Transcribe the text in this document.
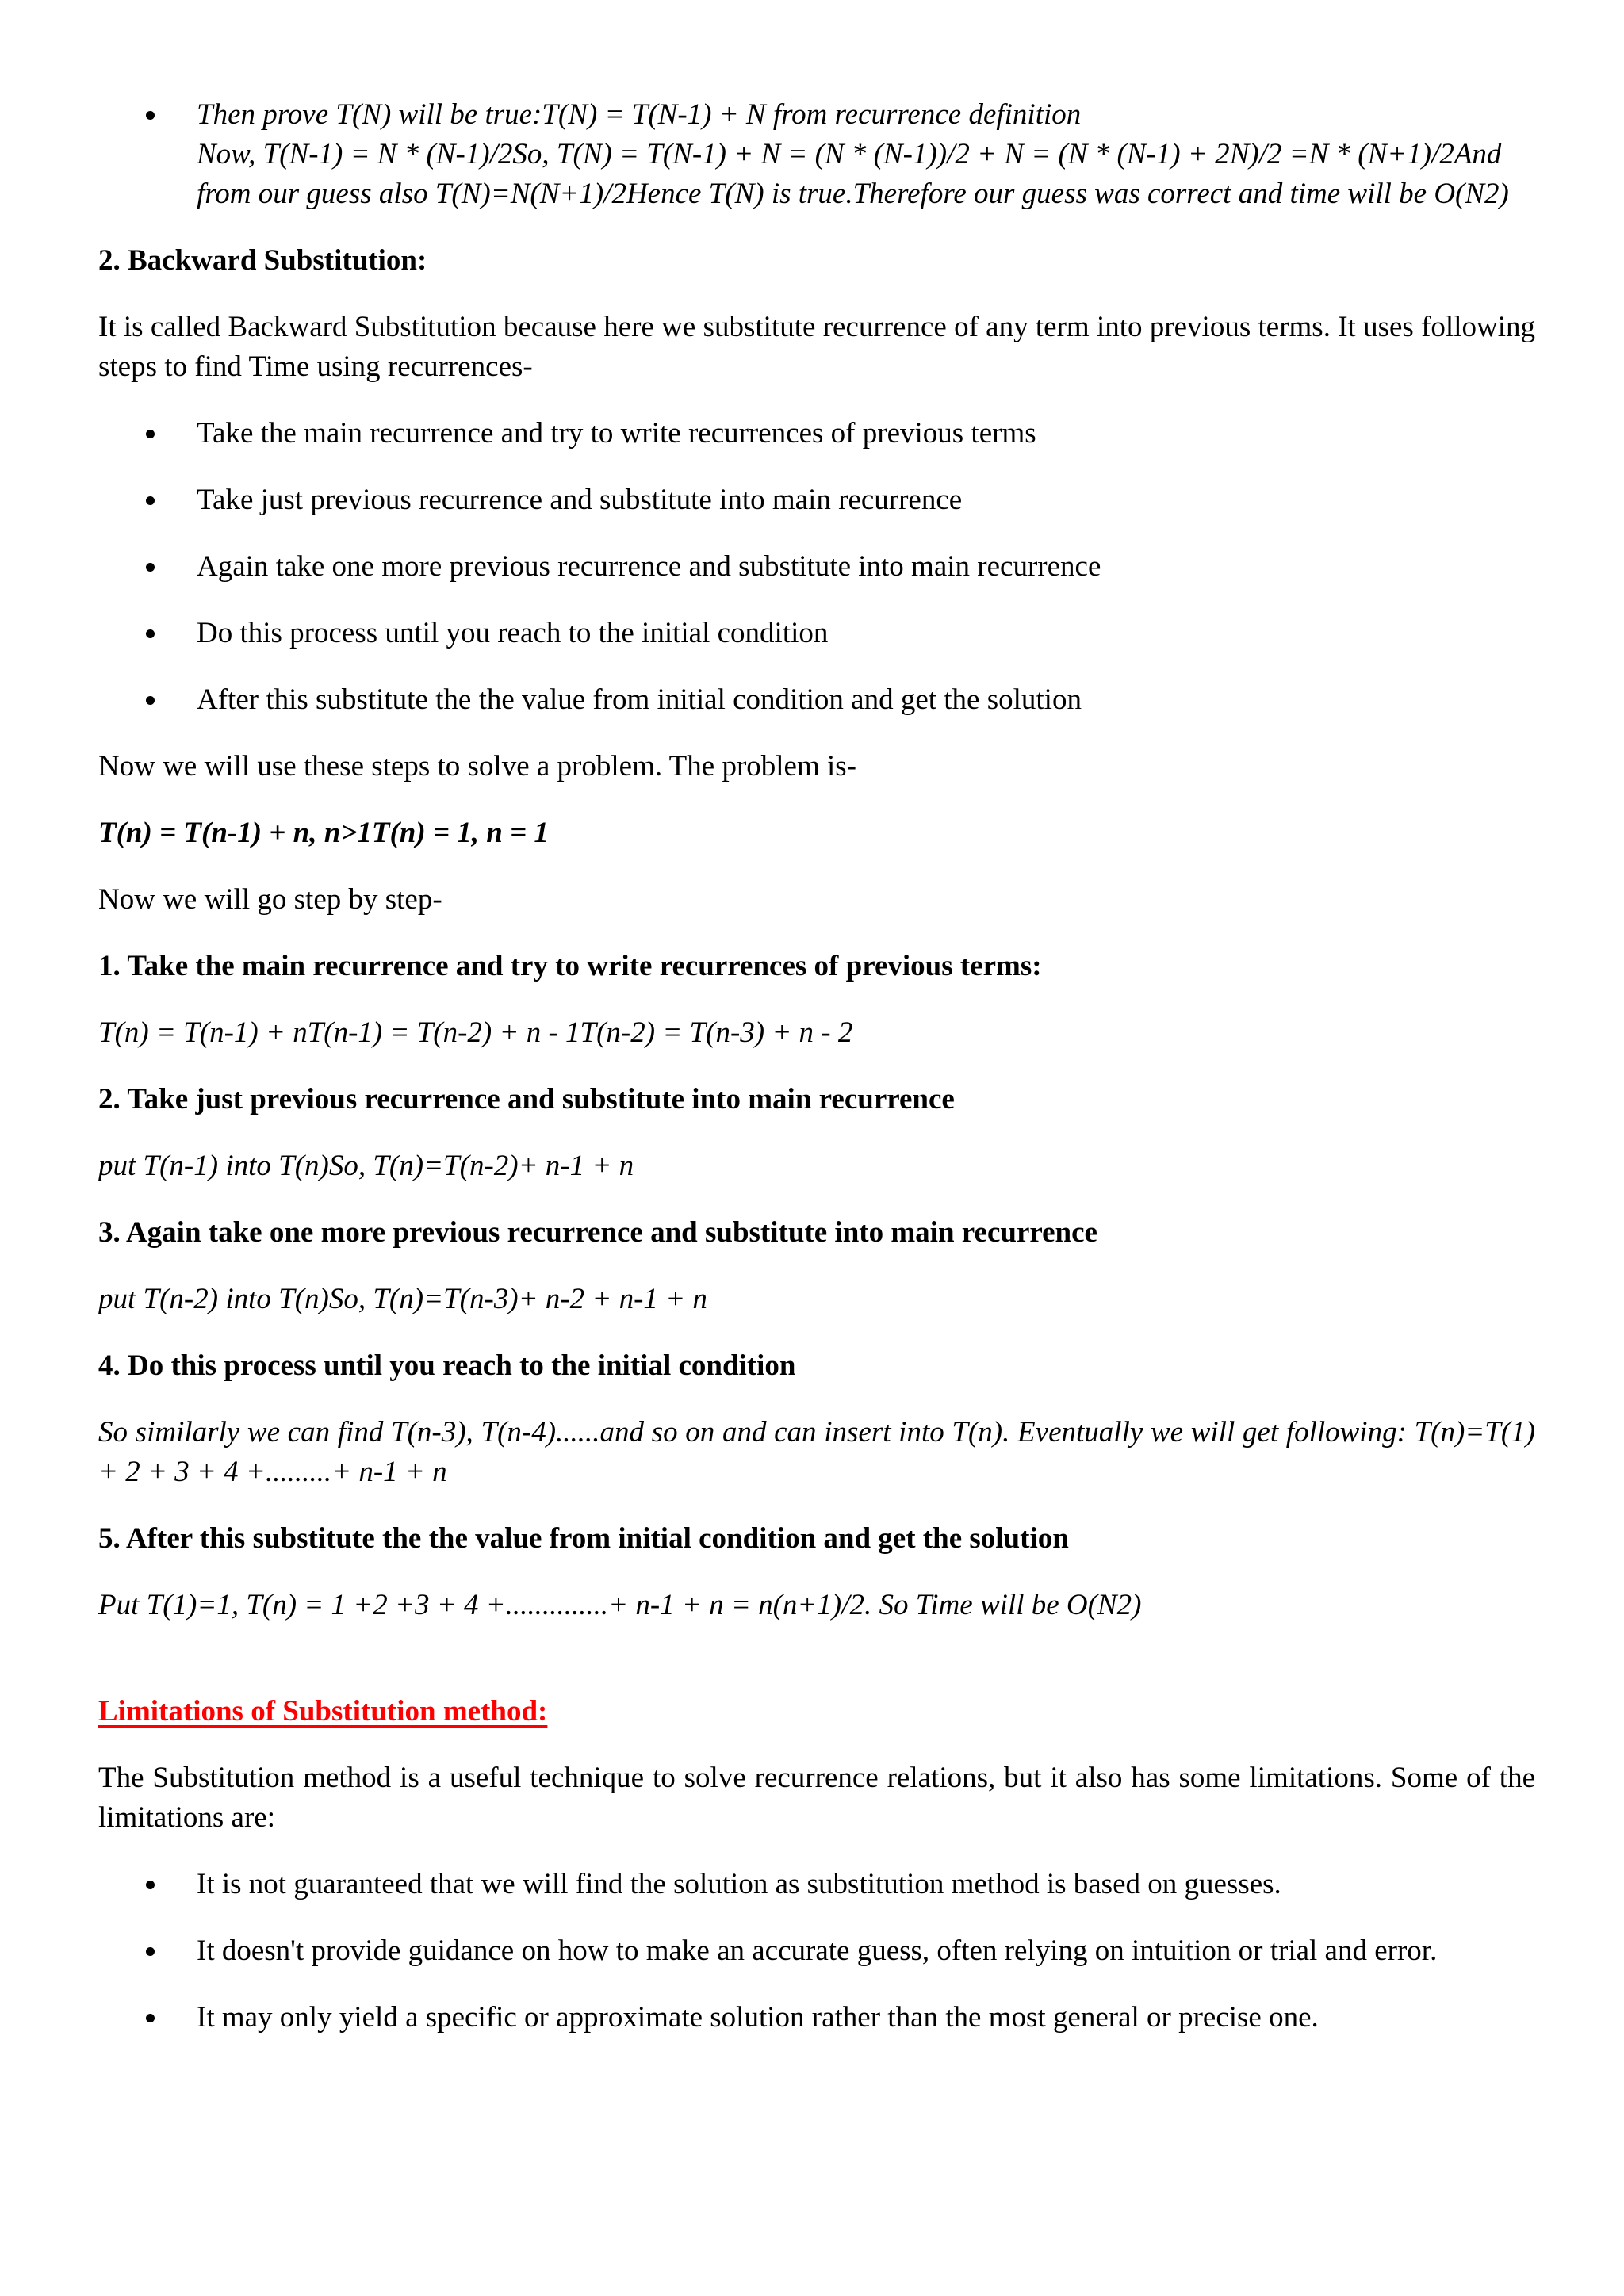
Then prove T(N) will be true:T(N) = T(N-1) + N from recurrence definition
Now, T(N-1) = N * (N-1)/2So, T(N) = T(N-1) + N = (N * (N-1))/2 + N = (N * (N-1) + 2N)/2 =N * (N+1)/2And from our guess also T(N)=N(N+1)/2Hence T(N) is true.Therefore our guess was correct and time will be O(N2)

2. Backward Substitution:

It is called Backward Substitution because here we substitute recurrence of any term into previous terms. It uses following steps to find Time using recurrences-

Take the main recurrence and try to write recurrences of previous terms
Take just previous recurrence and substitute into main recurrence
Again take one more previous recurrence and substitute into main recurrence
Do this process until you reach to the initial condition
After this substitute the the value from initial condition and get the solution

Now we will use these steps to solve a problem. The problem is-

T(n) = T(n-1) + n, n>1T(n) = 1, n = 1

Now we will go step by step-

1. Take the main recurrence and try to write recurrences of previous terms:

T(n) = T(n-1) + nT(n-1) = T(n-2) + n - 1T(n-2) = T(n-3) + n - 2

2. Take just previous recurrence and substitute into main recurrence

put T(n-1) into T(n)So, T(n)=T(n-2)+ n-1 + n

3. Again take one more previous recurrence and substitute into main recurrence

put T(n-2) into T(n)So, T(n)=T(n-3)+ n-2 + n-1 + n

4. Do this process until you reach to the initial condition

So similarly we can find T(n-3), T(n-4)......and so on and can insert into T(n). Eventually we will get following: T(n)=T(1) + 2 + 3 + 4 +.........+ n-1 + n

5. After this substitute the the value from initial condition and get the solution

Put T(1)=1, T(n) = 1 +2 +3 + 4 +..............+ n-1 + n = n(n+1)/2. So Time will be O(N2)

Limitations of Substitution method:

The Substitution method is a useful technique to solve recurrence relations, but it also has some limitations. Some of the limitations are:

It is not guaranteed that we will find the solution as substitution method is based on guesses.
It doesn't provide guidance on how to make an accurate guess, often relying on intuition or trial and error.
It may only yield a specific or approximate solution rather than the most general or precise one.
